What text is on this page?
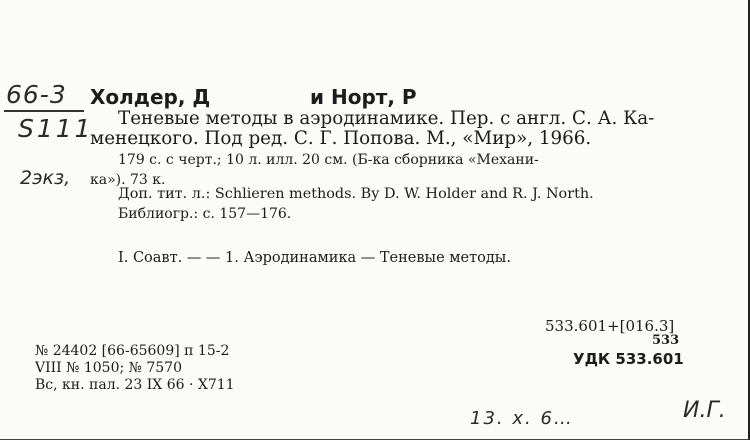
66-3
S111
2экз,
Холдер, Д	и Норт, Р
Теневые методы в аэродинамике. Пер. с англ. С. А. Ка-
менецкого. Под ред. С. Г. Попова. М., «Мир», 1966.
179 с. с черт.; 10 л. илл. 20 см. (Б-ка сборника «Механи-
ка»). 73 к.
Доп. тит. л.: Schlieren methods. By D. W. Holder and R. J. North.
Библиогр.: с. 157—176.
I. Соавт. — — 1. Аэродинамика — Теневые методы.
533.601+[016.3]
533
УДК 533.601
№ 24402 [66-65609] п 15-2
VIII № 1050; № 7570
Вс, кн. пал. 23 IX 66 · X711
13. x. 6…	И.Г.
